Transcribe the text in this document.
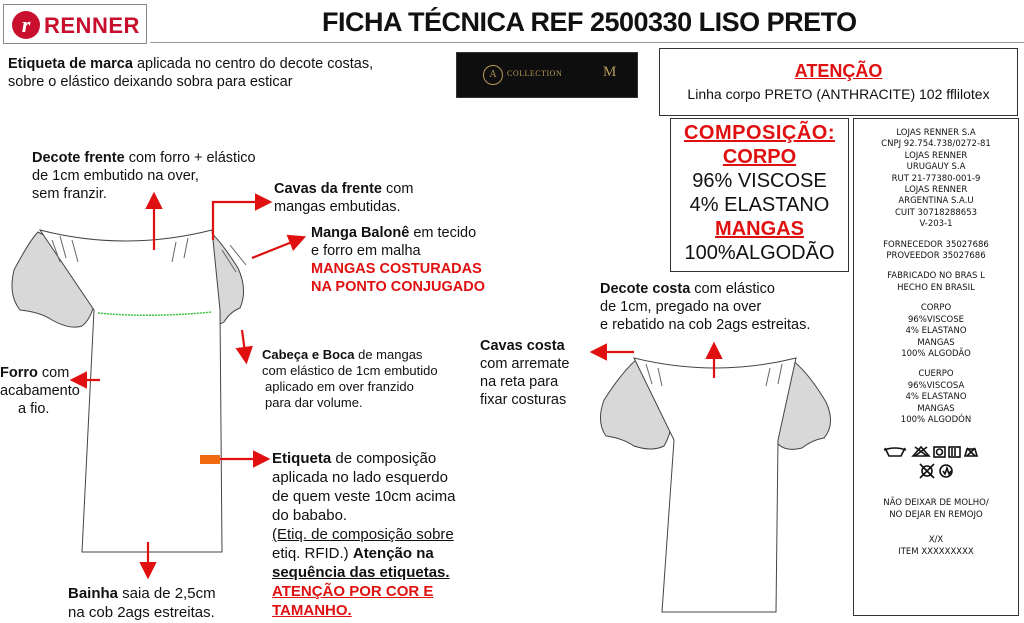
r RENNER	FICHA TÉCNICA REF 2500330 LISO PRETO
Etiqueta de marca aplicada no centro do decote costas,
sobre o elástico deixando sobra para esticar	A	COLLECTION	M	ATENÇÃO
Linha corpo PRETO (ANTHRACITE) 102 fflilotex
COMPOSIÇÃO:
CORPO
96% VISCOSE
4% ELASTANO
MANGAS
100%ALGODÃO
LOJAS RENNER S.A
CNPJ 92.754.738/0272-81
LOJAS RENNER
URUGAUY S.A
RUT 21-77380-001-9
LOJAS RENNER
ARGENTINA S.A.U
CUIT 30718288653
V-203-1
FORNECEDOR 35027686
PROVEEDOR 35027686
FABRICADO NO BRAS L
HECHO EN BRASIL
CORPO
96%VISCOSE
4% ELASTANO
MANGAS
100% ALGODÃO
CUERPO
96%VISCOSA
4% ELASTANO
MANGAS
100% ALGODÓN
NÃO DEIXAR DE MOLHO/
NO DEJAR EN REMOJO
X/X
ITEM XXXXXXXXX
Decote frente com forro + elástico
de 1cm embutido na over,
sem franzir.	Cavas da frente com
mangas embutidas.
Manga Balonê em tecido
e forro em malha
MANGAS COSTURADAS
NA PONTO CONJUGADO
Forro com
acabamento
a fio.
Cabeça e Boca de mangas
com elástico de 1cm embutido
aplicado em over franzido
para dar volume.
Etiqueta de composição
aplicada no lado esquerdo
de quem veste 10cm acima
do bababo.
(Etiq. de composição sobre
etiq. RFID.) Atenção na
sequência das etiquetas.
ATENÇÃO POR COR E
TAMANHO.
Bainha saia de 2,5cm
na cob 2ags estreitas.
Decote costa com elástico
de 1cm, pregado na over
e rebatido na cob 2ags estreitas.
Cavas costa
com arremate
na reta para
fixar costuras
